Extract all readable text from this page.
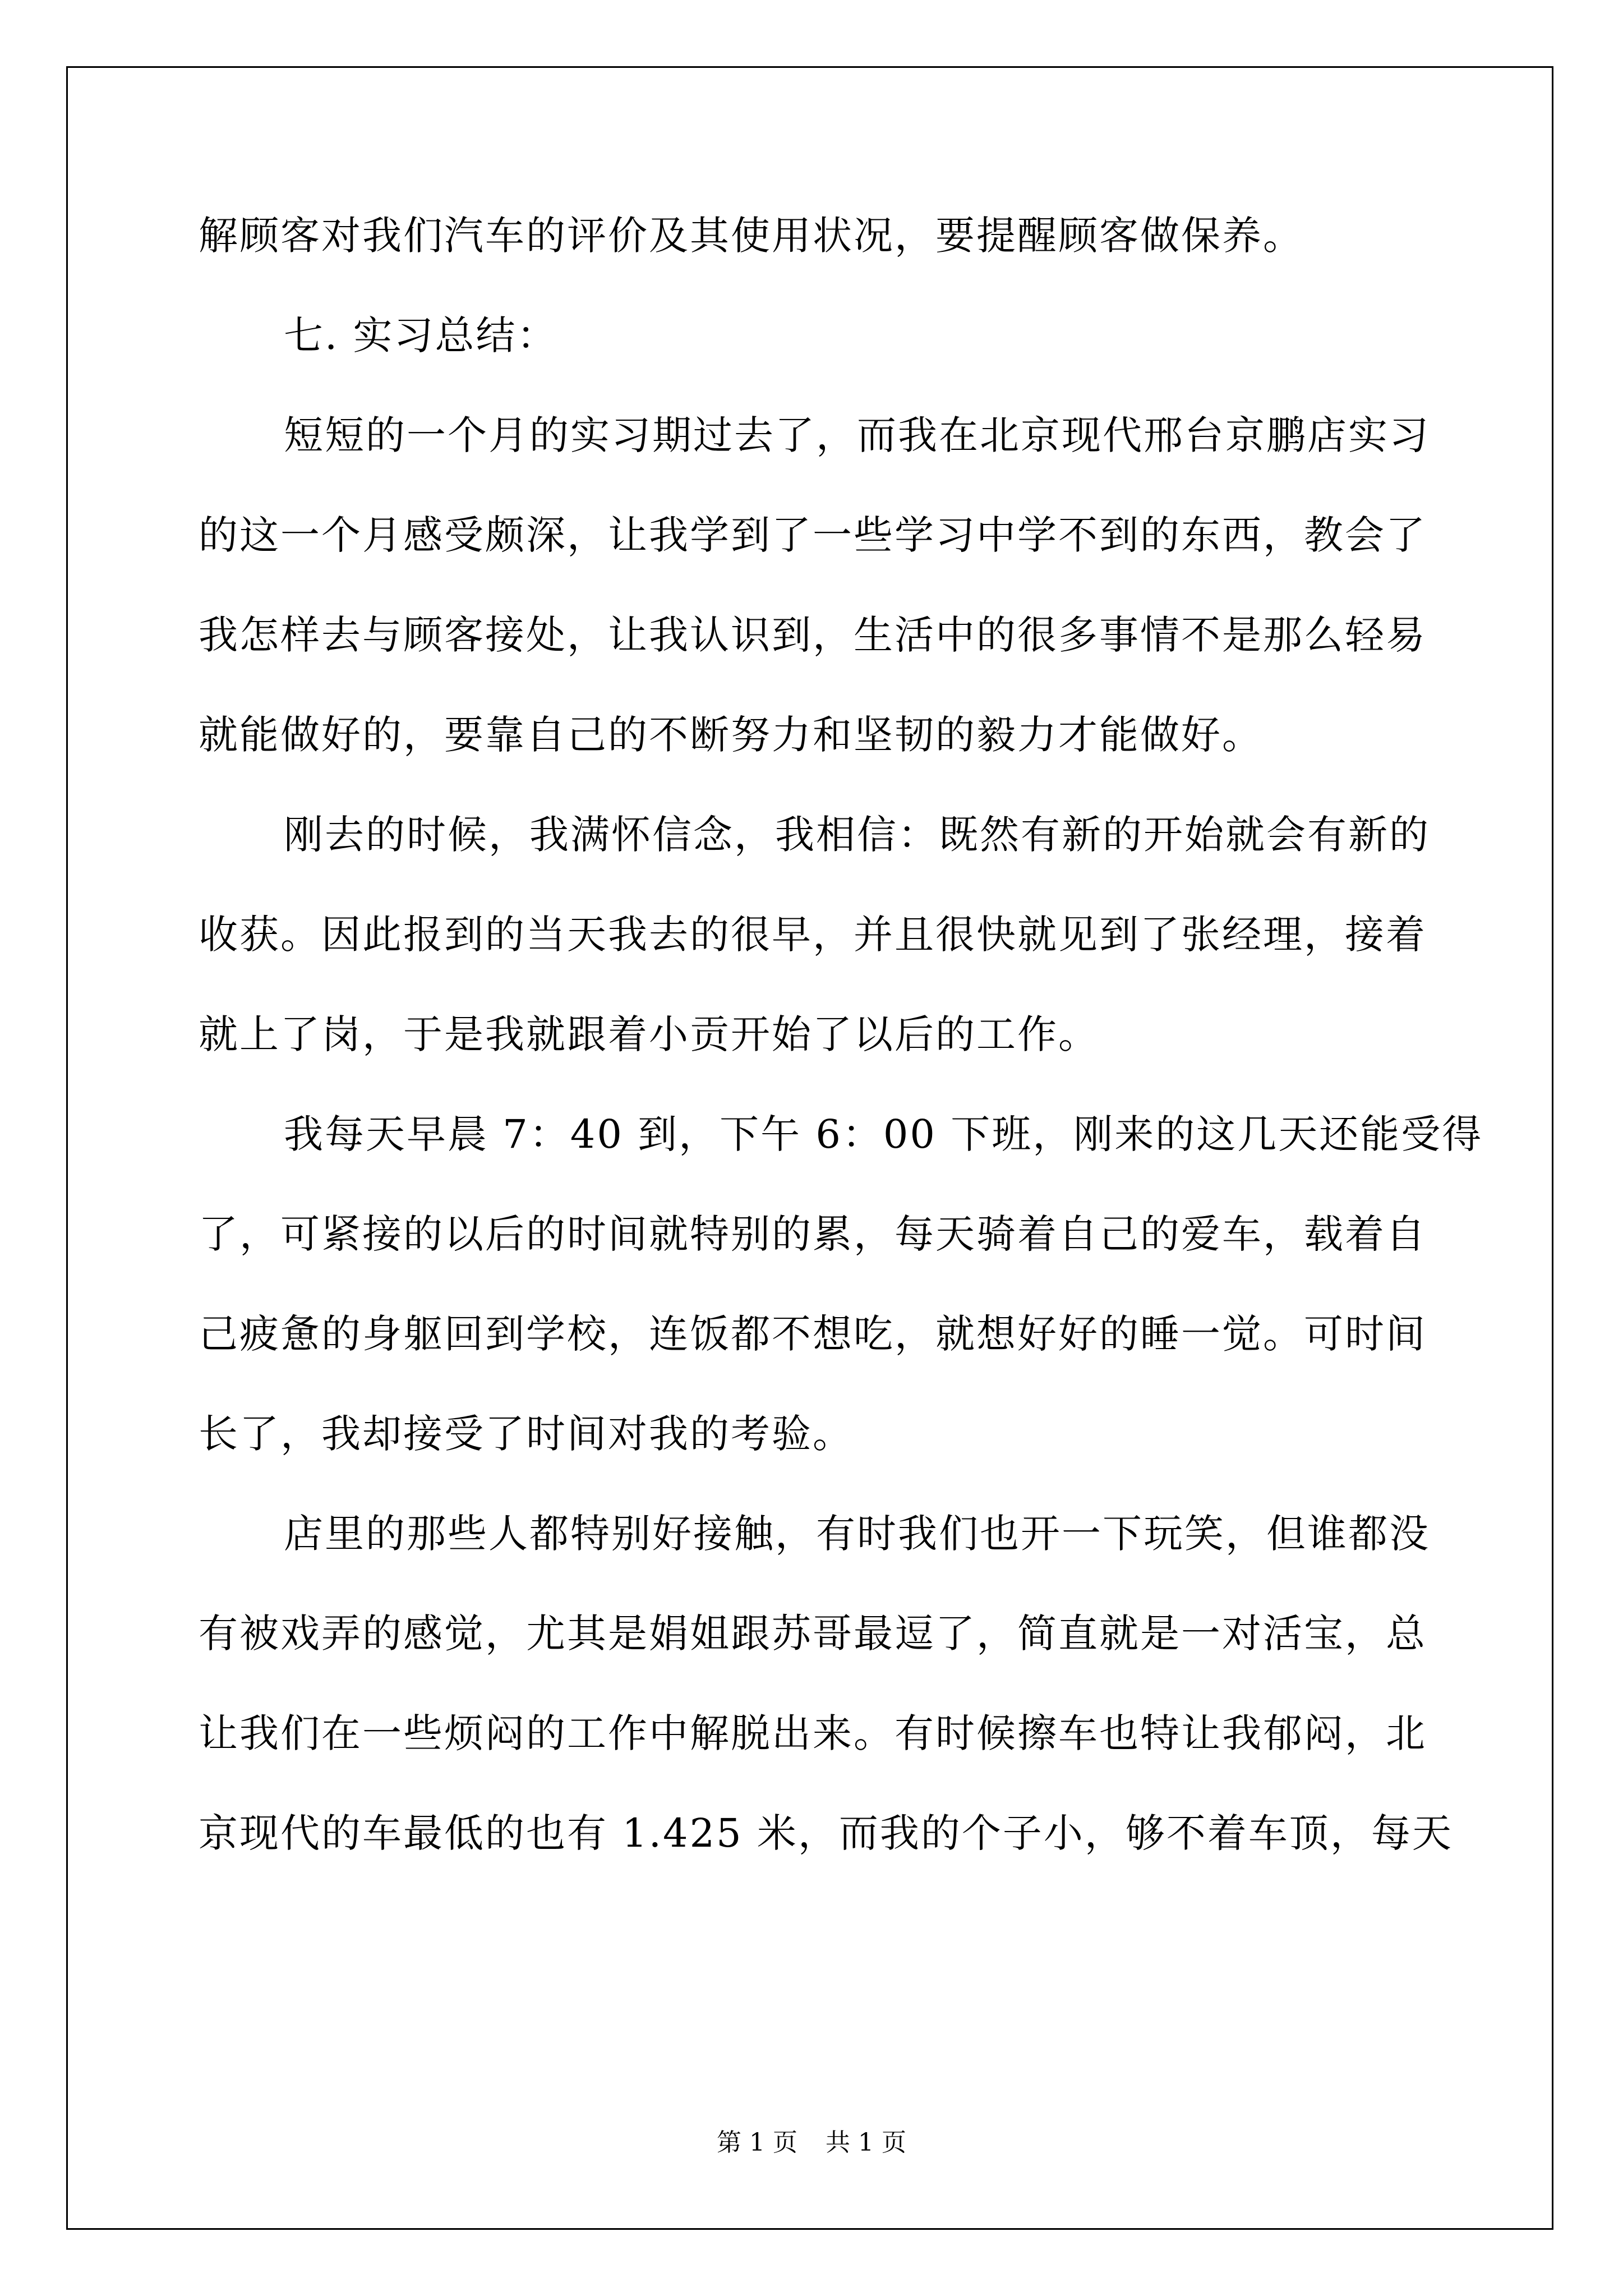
解顾客对我们汽车的评价及其使用状况，要提醒顾客做保养。
七. 实习总结：
短短的一个月的实习期过去了，而我在北京现代邢台京鹏店实习
的这一个月感受颇深，让我学到了一些学习中学不到的东西，教会了
我怎样去与顾客接处，让我认识到，生活中的很多事情不是那么轻易
就能做好的，要靠自己的不断努力和坚韧的毅力才能做好。
刚去的时候，我满怀信念，我相信：既然有新的开始就会有新的
收获。因此报到的当天我去的很早，并且很快就见到了张经理，接着
就上了岗，于是我就跟着小贡开始了以后的工作。
我每天早晨 7：40 到，下午 6：00 下班，刚来的这几天还能受得
了，可紧接的以后的时间就特别的累，每天骑着自己的爱车，载着自
己疲惫的身躯回到学校，连饭都不想吃，就想好好的睡一觉。可时间
长了，我却接受了时间对我的考验。
店里的那些人都特别好接触，有时我们也开一下玩笑，但谁都没
有被戏弄的感觉，尤其是娟姐跟苏哥最逗了，简直就是一对活宝，总
让我们在一些烦闷的工作中解脱出来。有时候擦车也特让我郁闷，北
京现代的车最低的也有 1.425 米，而我的个子小，够不着车顶，每天
第 1 页 共 1 页
